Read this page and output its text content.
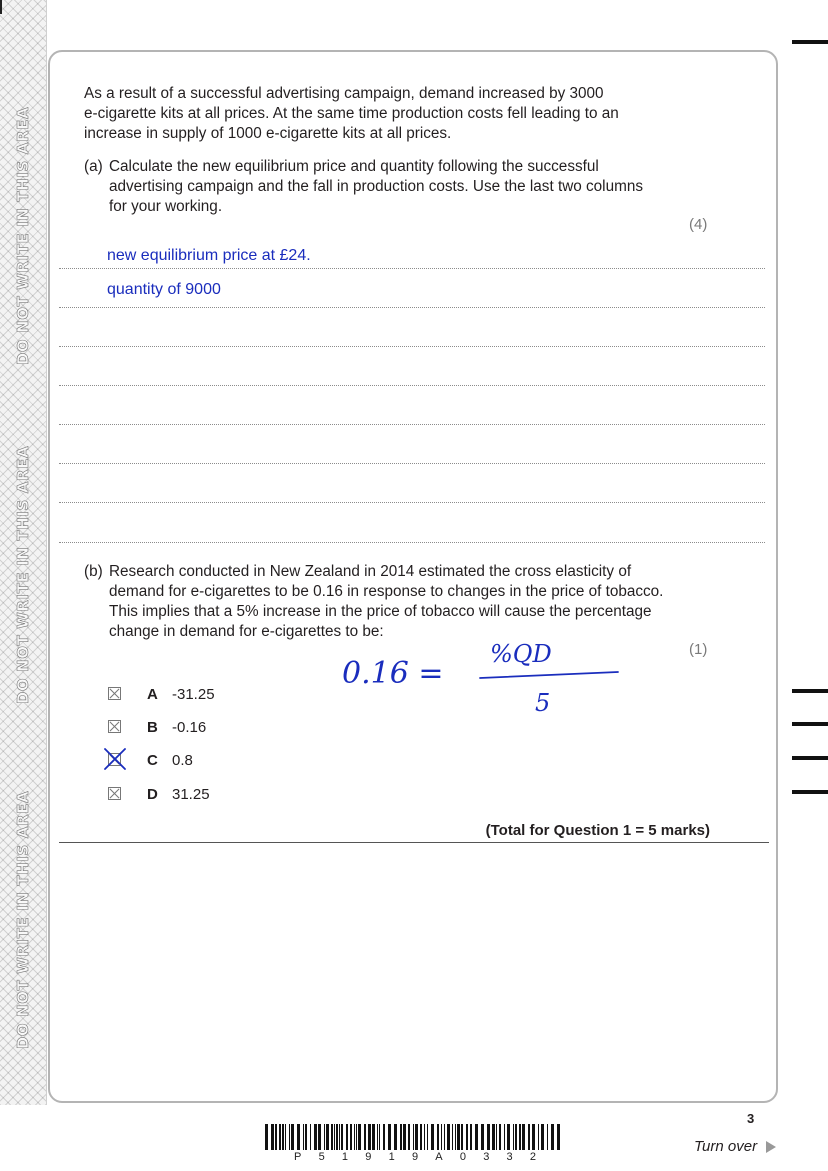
DO NOT WRITE IN THIS AREA
DO NOT WRITE IN THIS AREA
DO NOT WRITE IN THIS AREA
As a result of a successful advertising campaign, demand increased by 3000
e-cigarette kits at all prices. At the same time production costs fell leading to an
increase in supply of 1000 e-cigarette kits at all prices.
(a) Calculate the new equilibrium price and quantity following the successful
advertising campaign and the fall in production costs. Use the last two columns
for your working.
(4)
new equilibrium price at £24.
quantity of 9000
(b) Research conducted in New Zealand in 2014 estimated the cross elasticity of
demand for e-cigarettes to be 0.16 in response to changes in the price of tobacco.
This implies that a 5% increase in the price of tobacco will cause the percentage
change in demand for e-cigarettes to be:
(1)
0.16 =
%QD
5
A -31.25
B -0.16
C 0.8
D 31.25
(Total for Question 1 = 5 marks)
3
P 5 1 9 1 9 A 0 3 3 2
Turn over
